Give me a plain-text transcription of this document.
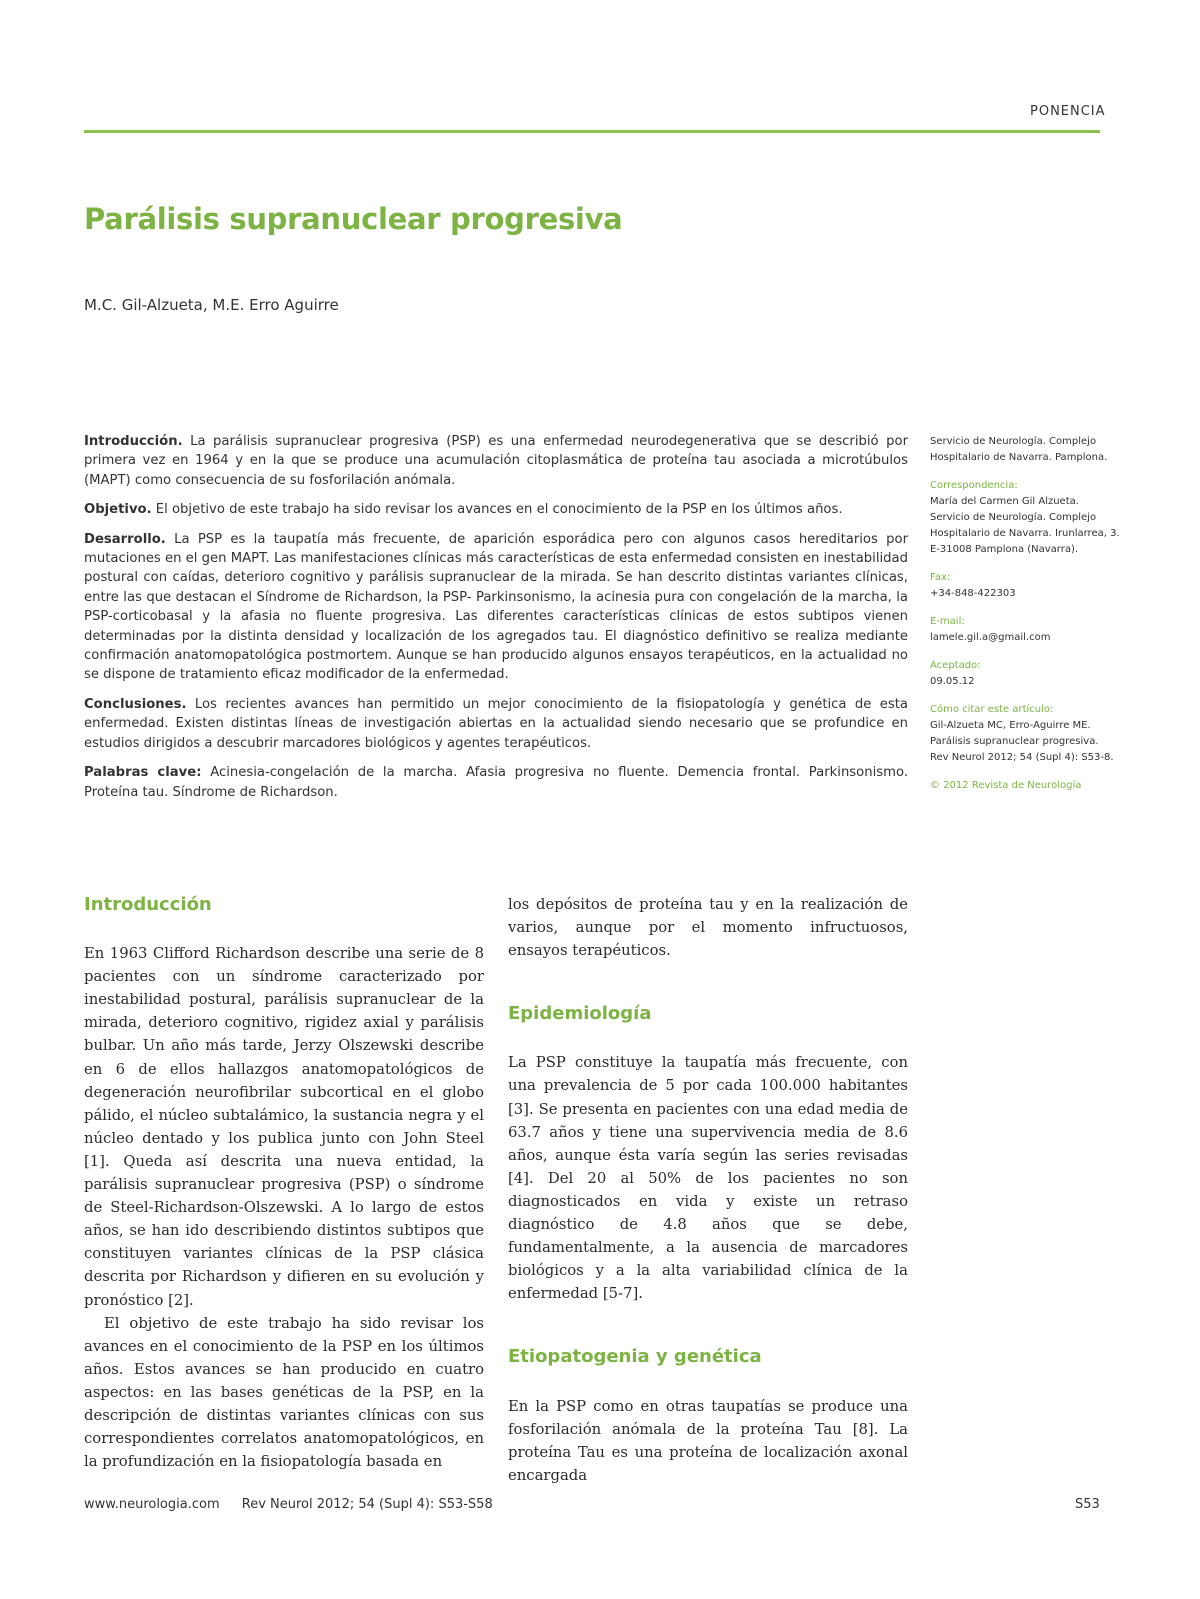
PONENCIA
Parálisis supranuclear progresiva
M.C. Gil-Alzueta, M.E. Erro Aguirre

Introducción. La parálisis supranuclear progresiva (PSP) es una enfermedad neurodegenerativa que se describió por primera vez en 1964 y en la que se produce una acumulación citoplasmática de proteína tau asociada a microtúbulos (MAPT) como consecuencia de su fosforilación anómala.

Objetivo. El objetivo de este trabajo ha sido revisar los avances en el conocimiento de la PSP en los últimos años.

Desarrollo. La PSP es la taupatía más frecuente, de aparición esporádica pero con algunos casos hereditarios por mutaciones en el gen MAPT. Las manifestaciones clínicas más características de esta enfermedad consisten en inestabilidad postural con caídas, deterioro cognitivo y parálisis supranuclear de la mirada. Se han descrito distintas variantes clínicas, entre las que destacan el Síndrome de Richardson, la PSP- Parkinsonismo, la acinesia pura con congelación de la marcha, la PSP-corticobasal y la afasia no fluente progresiva. Las diferentes características clínicas de estos subtipos vienen determinadas por la distinta densidad y localización de los agregados tau. El diagnóstico definitivo se realiza mediante confirmación anatomopatológica postmortem. Aunque se han producido algunos ensayos terapéuticos, en la actualidad no se dispone de tratamiento eficaz modificador de la enfermedad.

Conclusiones. Los recientes avances han permitido un mejor conocimiento de la fisiopatología y genética de esta enfermedad. Existen distintas líneas de investigación abiertas en la actualidad siendo necesario que se profundice en estudios dirigidos a descubrir marcadores biológicos y agentes terapéuticos.

Palabras clave: Acinesia-congelación de la marcha. Afasia progresiva no fluente. Demencia frontal. Parkinsonismo. Proteína tau. Síndrome de Richardson.

Servicio de Neurología. Complejo Hospitalario de Navarra. Pamplona.
Correspondencia:
María del Carmen Gil Alzueta. Servicio de Neurología. Complejo Hospitalario de Navarra. Irunlarrea, 3. E-31008 Pamplona (Navarra).
Fax:
+34-848-422303
E-mail:
lamele.gil.a@gmail.com
Aceptado:
09.05.12
Cómo citar este artículo:
Gil-Alzueta MC, Erro-Aguirre ME. Parálisis supranuclear progresiva. Rev Neurol 2012; 54 (Supl 4): S53-8.
© 2012 Revista de Neurología
Introducción

En 1963 Clifford Richardson describe una serie de 8 pacientes con un síndrome caracterizado por inestabilidad postural, parálisis supranuclear de la mirada, deterioro cognitivo, rigidez axial y parálisis bulbar. Un año más tarde, Jerzy Olszewski describe en 6 de ellos hallazgos anatomopatológicos de degeneración neurofibrilar subcortical en el globo pálido, el núcleo subtalámico, la sustancia negra y el núcleo dentado y los publica junto con John Steel [1]. Queda así descrita una nueva entidad, la parálisis supranuclear progresiva (PSP) o síndrome de Steel-Richardson-Olszewski. A lo largo de estos años, se han ido describiendo distintos subtipos que constituyen variantes clínicas de la PSP clásica descrita por Richardson y difieren en su evolución y pronóstico [2].

El objetivo de este trabajo ha sido revisar los avances en el conocimiento de la PSP en los últimos años. Estos avances se han producido en cuatro aspectos: en las bases genéticas de la PSP, en la descripción de distintas variantes clínicas con sus correspondientes correlatos anatomopatológicos, en la profundización en la fisiopatología basada en

los depósitos de proteína tau y en la realización de varios, aunque por el momento infructuosos, ensayos terapéuticos.

Epidemiología

La PSP constituye la taupatía más frecuente, con una prevalencia de 5 por cada 100.000 habitantes [3]. Se presenta en pacientes con una edad media de 63.7 años y tiene una supervivencia media de 8.6 años, aunque ésta varía según las series revisadas [4]. Del 20 al 50% de los pacientes no son diagnosticados en vida y existe un retraso diagnóstico de 4.8 años que se debe, fundamentalmente, a la ausencia de marcadores biológicos y a la alta variabilidad clínica de la enfermedad [5-7].

Etiopatogenia y genética

En la PSP como en otras taupatías se produce una fosforilación anómala de la proteína Tau [8]. La proteína Tau es una proteína de localización axonal encargada

www.neurologia.com Rev Neurol 2012; 54 (Supl 4): S53-S58	S53
